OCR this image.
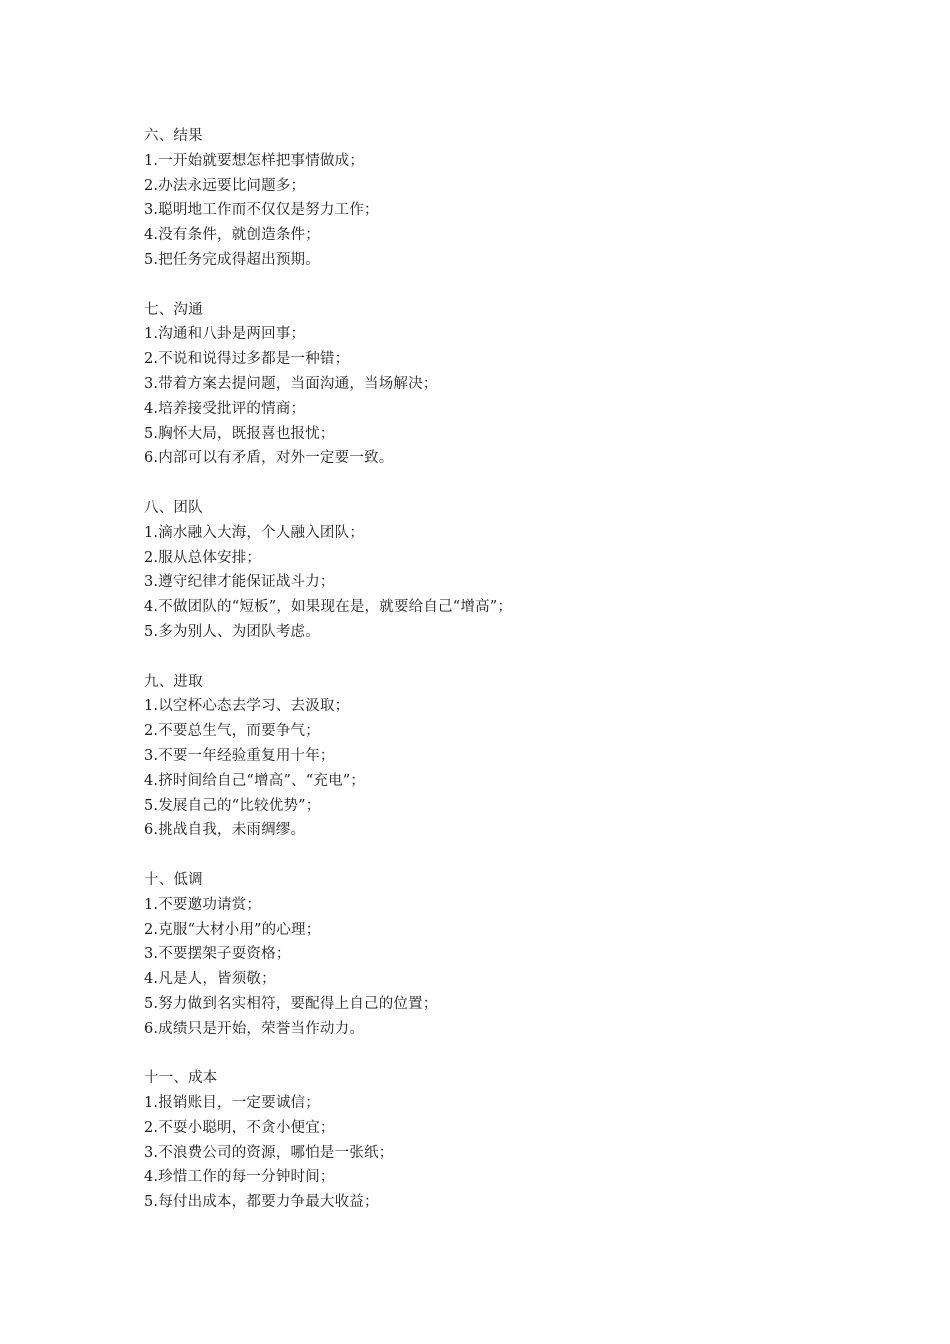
六、结果
1.一开始就要想怎样把事情做成；
2.办法永远要比问题多；
3.聪明地工作而不仅仅是努力工作；
4.没有条件，就创造条件；
5.把任务完成得超出预期。
七、沟通
1.沟通和八卦是两回事；
2.不说和说得过多都是一种错；
3.带着方案去提问题，当面沟通，当场解决；
4.培养接受批评的情商；
5.胸怀大局，既报喜也报忧；
6.内部可以有矛盾，对外一定要一致。
八、团队
1.滴水融入大海，个人融入团队；
2.服从总体安排；
3.遵守纪律才能保证战斗力；
4.不做团队的“短板”，如果现在是，就要给自己“增高”；
5.多为别人、为团队考虑。
九、进取
1.以空杯心态去学习、去汲取；
2.不要总生气，而要争气；
3.不要一年经验重复用十年；
4.挤时间给自己“增高”、“充电”；
5.发展自己的“比较优势”；
6.挑战自我，未雨绸缪。
十、低调
1.不要邀功请赏；
2.克服“大材小用”的心理；
3.不要摆架子耍资格；
4.凡是人，皆须敬；
5.努力做到名实相符，要配得上自己的位置；
6.成绩只是开始，荣誉当作动力。
十一、成本
1.报销账目，一定要诚信；
2.不耍小聪明，不贪小便宜；
3.不浪费公司的资源，哪怕是一张纸；
4.珍惜工作的每一分钟时间；
5.每付出成本，都要力争最大收益；
